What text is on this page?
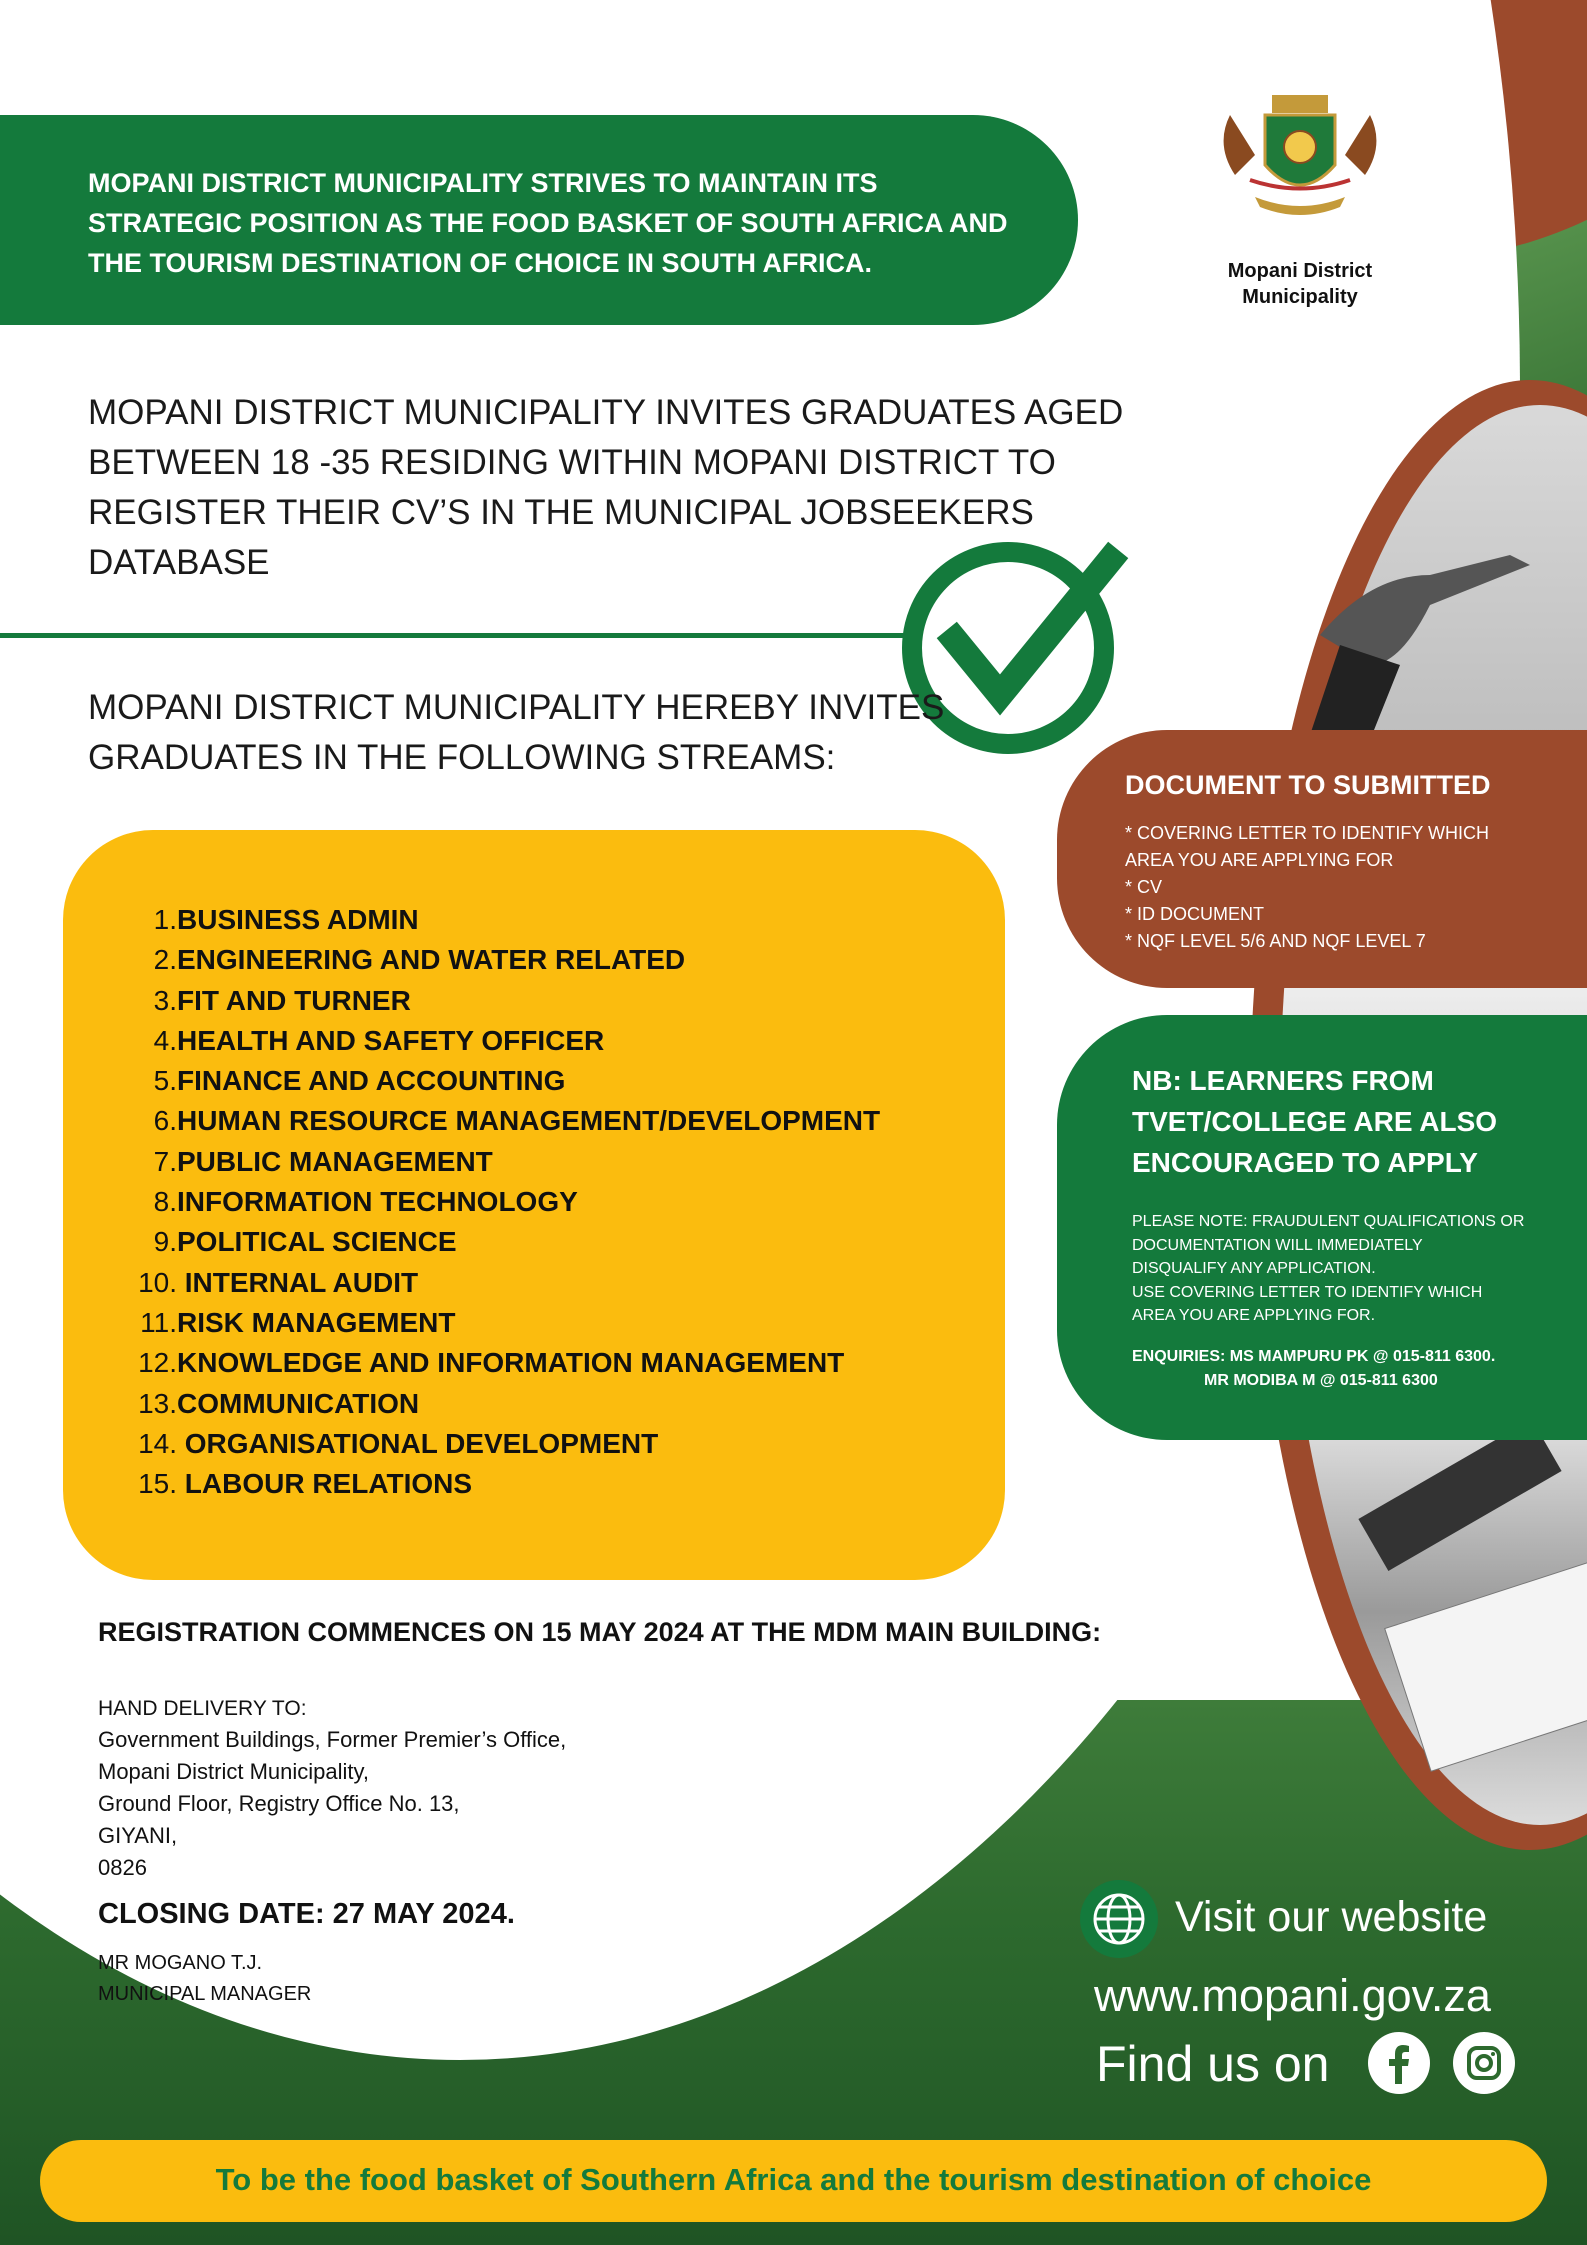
Mopani District
Municipality
MOPANI DISTRICT MUNICIPALITY STRIVES TO MAINTAIN ITS STRATEGIC POSITION AS THE FOOD BASKET OF SOUTH AFRICA AND THE TOURISM DESTINATION OF CHOICE IN SOUTH AFRICA.
MOPANI DISTRICT MUNICIPALITY INVITES GRADUATES AGED
BETWEEN 18 -35 RESIDING WITHIN MOPANI DISTRICT TO
REGISTER THEIR CV’S IN THE MUNICIPAL JOBSEEKERS
DATABASE
MOPANI DISTRICT MUNICIPALITY HEREBY INVITES
GRADUATES IN THE FOLLOWING STREAMS:
1.BUSINESS ADMIN
2.ENGINEERING AND WATER RELATED
3.FIT AND TURNER
4.HEALTH AND SAFETY OFFICER
5.FINANCE AND ACCOUNTING
6.HUMAN RESOURCE MANAGEMENT/DEVELOPMENT
7.PUBLIC MANAGEMENT
8.INFORMATION TECHNOLOGY
9.POLITICAL SCIENCE
10. INTERNAL AUDIT
11.RISK MANAGEMENT
12.KNOWLEDGE AND INFORMATION MANAGEMENT
13.COMMUNICATION
14. ORGANISATIONAL DEVELOPMENT
15. LABOUR RELATIONS
DOCUMENT TO SUBMITTED
* COVERING LETTER TO IDENTIFY WHICH
AREA YOU ARE APPLYING FOR
* CV
* ID DOCUMENT
* NQF LEVEL 5/6 AND NQF LEVEL 7
NB: LEARNERS FROM
TVET/COLLEGE ARE ALSO
ENCOURAGED TO APPLY
PLEASE NOTE: FRAUDULENT QUALIFICATIONS OR
DOCUMENTATION WILL IMMEDIATELY
DISQUALIFY ANY APPLICATION.
USE COVERING LETTER TO IDENTIFY WHICH
AREA YOU ARE APPLYING FOR.
ENQUIRIES: MS MAMPURU PK @ 015-811 6300.
MR MODIBA M @ 015-811 6300
REGISTRATION COMMENCES ON 15 MAY 2024 AT THE MDM MAIN BUILDING:
HAND DELIVERY TO:
Government Buildings, Former Premier’s Office,
Mopani District Municipality,
Ground Floor, Registry Office No. 13,
GIYANI,
0826
CLOSING DATE: 27 MAY 2024.
MR MOGANO T.J.
MUNICIPAL MANAGER
Visit our website
www.mopani.gov.za
Find us on
To be the food basket of Southern Africa and the tourism destination of choice
